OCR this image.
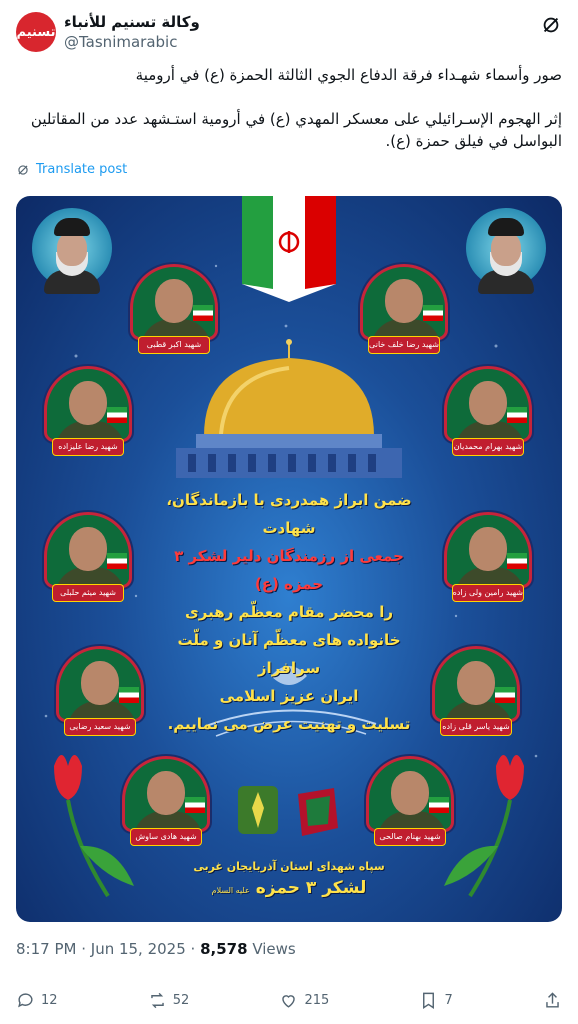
تسنيم
وكالة تسنيم للأنباء
@Tasnimarabic

صور وأسماء شهـداء فرقة الدفاع الجوي الثالثة الحمزة (ع) في أرومية

إثر الهجوم الإسـرائيلي على معسكر المهدي (ع) في أرومية استـشهد عدد من المقاتلين البواسل في فيلق حمزة (ع).

Translate post
شهید اکبر قطبی	شهید رضا خلف خانی
شهید رضا علیزاده	شهید بهرام محمدیان
شهید میثم حلبلی	شهید رامین ولی زاده
شهید سعید رضایی	شهید یاسر قلی زاده
شهید هادی ساوش	شهید بهنام صالحی
ضمن ابراز همدردی با بازماندگان، شهادت
جمعی از رزمندگان دلیر لشکر ۳ حمزه (ع)
را محضر مقام معظّم رهبری
خانواده های معظّم آنان و ملّت سرافراز
ایران عزیز اسلامی
تسلیت و تهنیت عرض می نماییم.
سپاه شهدای استان آذربایجان غربی
لشکر ۳ حمزه علیه السلام
8:17 PM · Jun 15, 2025 · 8,578 Views
12	52	215	7
